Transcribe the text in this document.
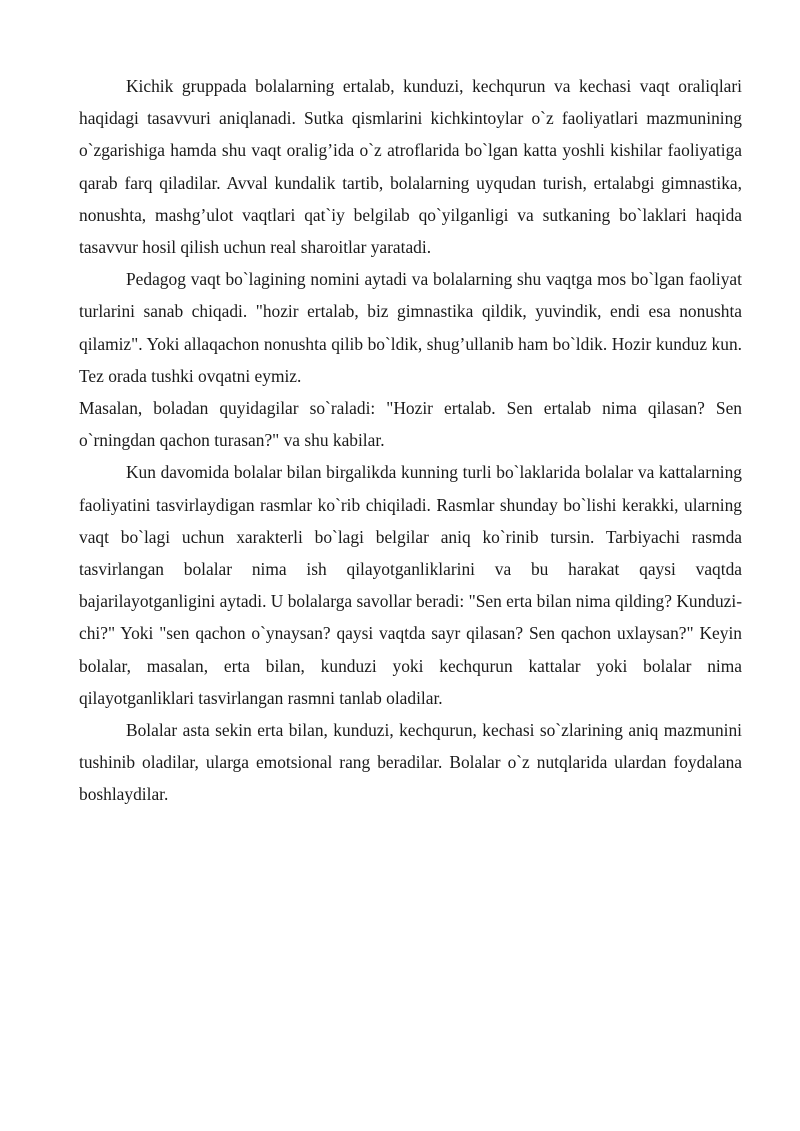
Kichik gruppada bolalarning ertalab, kunduzi, kechqurun va kechasi vaqt oraliqlari haqidagi tasavvuri aniqlanadi. Sutka qismlarini kichkintoylar o`z faoliyatlari mazmunining o`zgarishiga hamda shu vaqt oralig’ida o`z atroflarida bo`lgan katta yoshli kishilar faoliyatiga qarab farq qiladilar. Avval kundalik tartib, bolalarning uyqudan turish, ertalabgi gimnastika, nonushta, mashg’ulot vaqtlari qat`iy belgilab qo`yilganligi va sutkaning bo`laklari haqida tasavvur hosil qilish uchun real sharoitlar yaratadi.

Pedagog vaqt bo`lagining nomini aytadi va bolalarning shu vaqtga mos bo`lgan faoliyat turlarini sanab chiqadi. "hozir ertalab, biz gimnastika qildik, yuvindik, endi esa nonushta qilamiz". Yoki allaqachon nonushta qilib bo`ldik, shug’ullanib ham bo`ldik. Hozir kunduz kun. Tez orada tushki ovqatni eymiz.

Masalan, boladan quyidagilar so`raladi: "Hozir ertalab. Sen ertalab nima qilasan? Sen o`rningdan qachon turasan?" va shu kabilar.

Kun davomida bolalar bilan birgalikda kunning turli bo`laklarida bolalar va kattalarning faoliyatini tasvirlaydigan rasmlar ko`rib chiqiladi. Rasmlar shunday bo`lishi kerakki, ularning vaqt bo`lagi uchun xarakterli bo`lagi belgilar aniq ko`rinib tursin. Tarbiyachi rasmda tasvirlangan bolalar nima ish qilayotganliklarini va bu harakat qaysi vaqtda bajarilayotganligini aytadi. U bolalarga savollar beradi: "Sen erta bilan nima qilding? Kunduzi-chi?" Yoki "sen qachon o`ynaysan? qaysi vaqtda sayr qilasan? Sen qachon uxlaysan?" Keyin bolalar, masalan, erta bilan, kunduzi yoki kechqurun kattalar yoki bolalar nima qilayotganliklari tasvirlangan rasmni tanlab oladilar.

Bolalar asta sekin erta bilan, kunduzi, kechqurun, kechasi so`zlarining aniq mazmunini tushinib oladilar, ularga emotsional rang beradilar. Bolalar o`z nutqlarida ulardan foydalana boshlaydilar.
